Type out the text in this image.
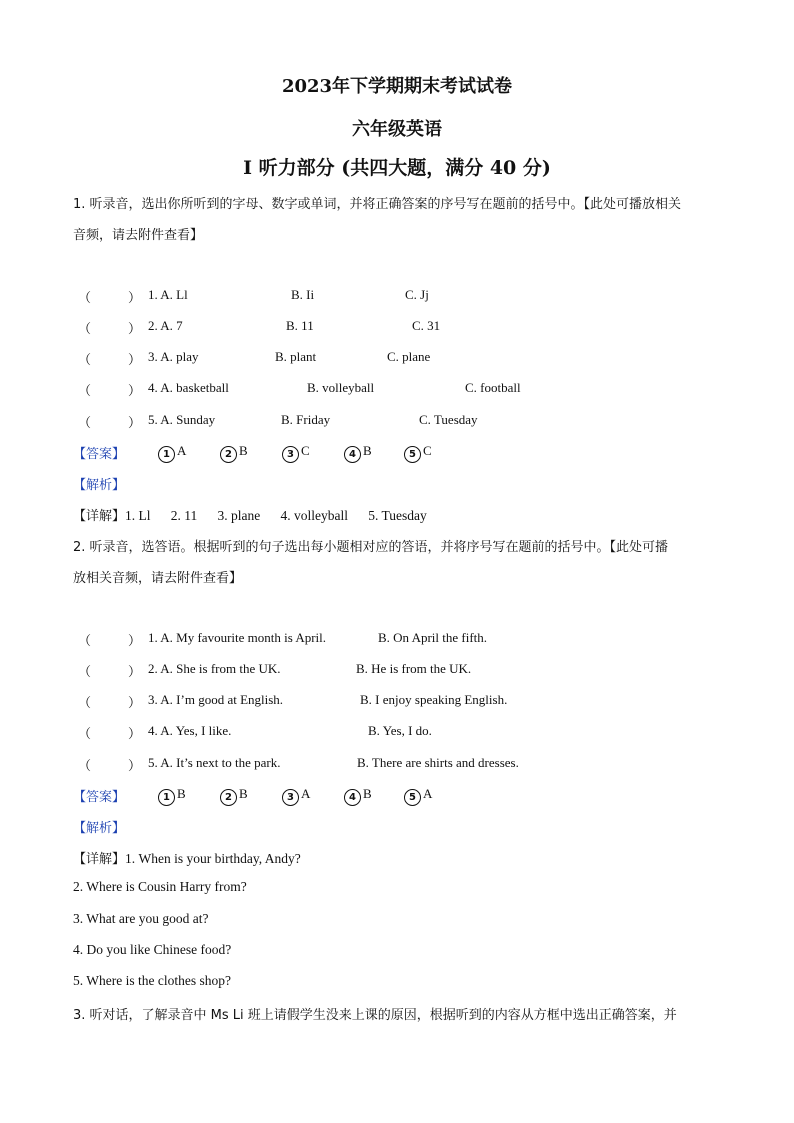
2023年下学期期末考试试卷
六年级英语
Ⅰ 听力部分 (共四大题，满分 40 分)
1. 听录音，选出你所听到的字母、数字或单词，并将正确答案的序号写在题前的括号中。【此处可播放相关
音频，请去附件查看】
（	） 1. A. Ll	B. Ii	C. Jj
（	） 2. A. 7	B. 11	C. 31
（	） 3. A. play	B. plant	C. plane
（	） 4. A. basketball	B. volleyball	C. football
（	） 5. A. Sunday	B. Friday	C. Tuesday
【答案】	1 A	2 B	3 C	4 B	5 C
【解析】
【详解】1. Ll      2. 11      3. plane      4. volleyball      5. Tuesday
2. 听录音，选答语。根据听到的句子选出每小题相对应的答语，并将序号写在题前的括号中。【此处可播
放相关音频，请去附件查看】
（	） 1. A. My favourite month is April.	B. On April the fifth.
（	） 2. A. She is from the UK.	B. He is from the UK.
（	） 3. A. I’m good at English.	B. I enjoy speaking English.
（	） 4. A. Yes, I like.	B. Yes, I do.
（	） 5. A. It’s next to the park.	B. There are shirts and dresses.
【答案】	1 B	2 B	3 A	4 B	5 A
【解析】
【详解】1. When is your birthday, Andy?
2. Where is Cousin Harry from?
3. What are you good at?
4. Do you like Chinese food?
5. Where is the clothes shop?
3. 听对话，了解录音中 Ms Li 班上请假学生没来上课的原因，根据听到的内容从方框中选出正确答案，并
